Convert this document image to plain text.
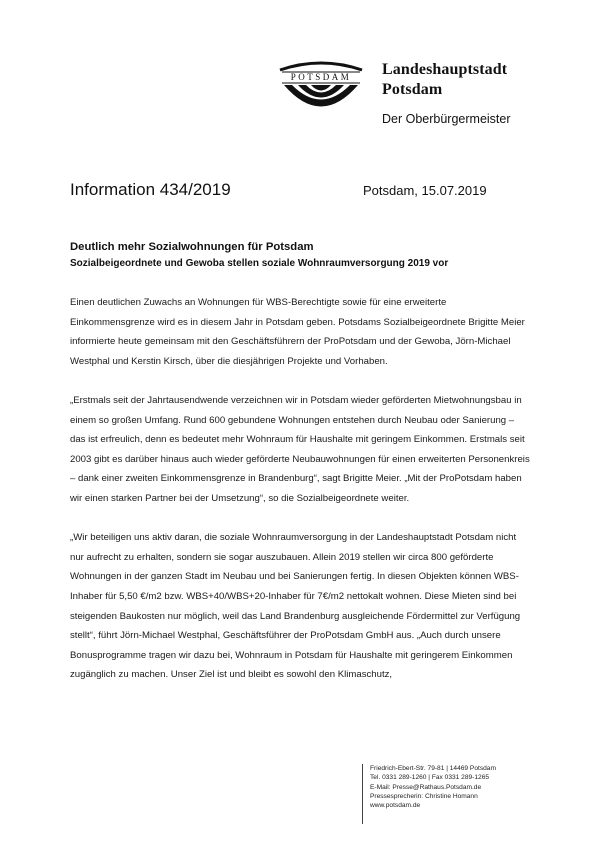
POTSDAM Landeshauptstadt
Potsdam
Der Oberbürgermeister
Information 434/2019	Potsdam, 15.07.2019
Deutlich mehr Sozialwohnungen für Potsdam
Sozialbeigeordnete und Gewoba stellen soziale Wohnraumversorgung 2019 vor

Einen deutlichen Zuwachs an Wohnungen für WBS-Berechtigte sowie für eine erweiterte Einkommensgrenze wird es in diesem Jahr in Potsdam geben. Potsdams Sozialbeigeordnete Brigitte Meier informierte heute gemeinsam mit den Geschäftsführern der ProPotsdam und der Gewoba, Jörn-Michael Westphal und Kerstin Kirsch, über die diesjährigen Projekte und Vorhaben.

„Erstmals seit der Jahrtausendwende verzeichnen wir in Potsdam wieder geförderten Mietwohnungsbau in einem so großen Umfang. Rund 600 gebundene Wohnungen entstehen durch Neubau oder Sanierung – das ist erfreulich, denn es bedeutet mehr Wohnraum für Haushalte mit geringem Einkommen. Erstmals seit 2003 gibt es darüber hinaus auch wieder geförderte Neubauwohnungen für einen erweiterten Personenkreis – dank einer zweiten Einkommensgrenze in Brandenburg“, sagt Brigitte Meier. „Mit der ProPotsdam haben wir einen starken Partner bei der Umsetzung“, so die Sozialbeigeordnete weiter.

„Wir beteiligen uns aktiv daran, die soziale Wohnraumversorgung in der Landeshauptstadt Potsdam nicht nur aufrecht zu erhalten, sondern sie sogar auszubauen. Allein 2019 stellen wir circa 800 geförderte Wohnungen in der ganzen Stadt im Neubau und bei Sanierungen fertig. In diesen Objekten können WBS-Inhaber für 5,50 €/m2 bzw. WBS+40/WBS+20-Inhaber für 7€/m2 nettokalt wohnen. Diese Mieten sind bei steigenden Baukosten nur möglich, weil das Land Brandenburg ausgleichende Fördermittel zur Verfügung stellt“, führt Jörn-Michael Westphal, Geschäftsführer der ProPotsdam GmbH aus. „Auch durch unsere Bonusprogramme tragen wir dazu bei, Wohnraum in Potsdam für Haushalte mit geringerem Einkommen zugänglich zu machen. Unser Ziel ist und bleibt es sowohl den Klimaschutz,

Friedrich-Ebert-Str. 79-81 | 14469 Potsdam
Tel. 0331 289-1260 | Fax 0331 289-1265
E-Mail: Presse@Rathaus.Potsdam.de
Pressesprecherin: Christine Homann
www.potsdam.de
